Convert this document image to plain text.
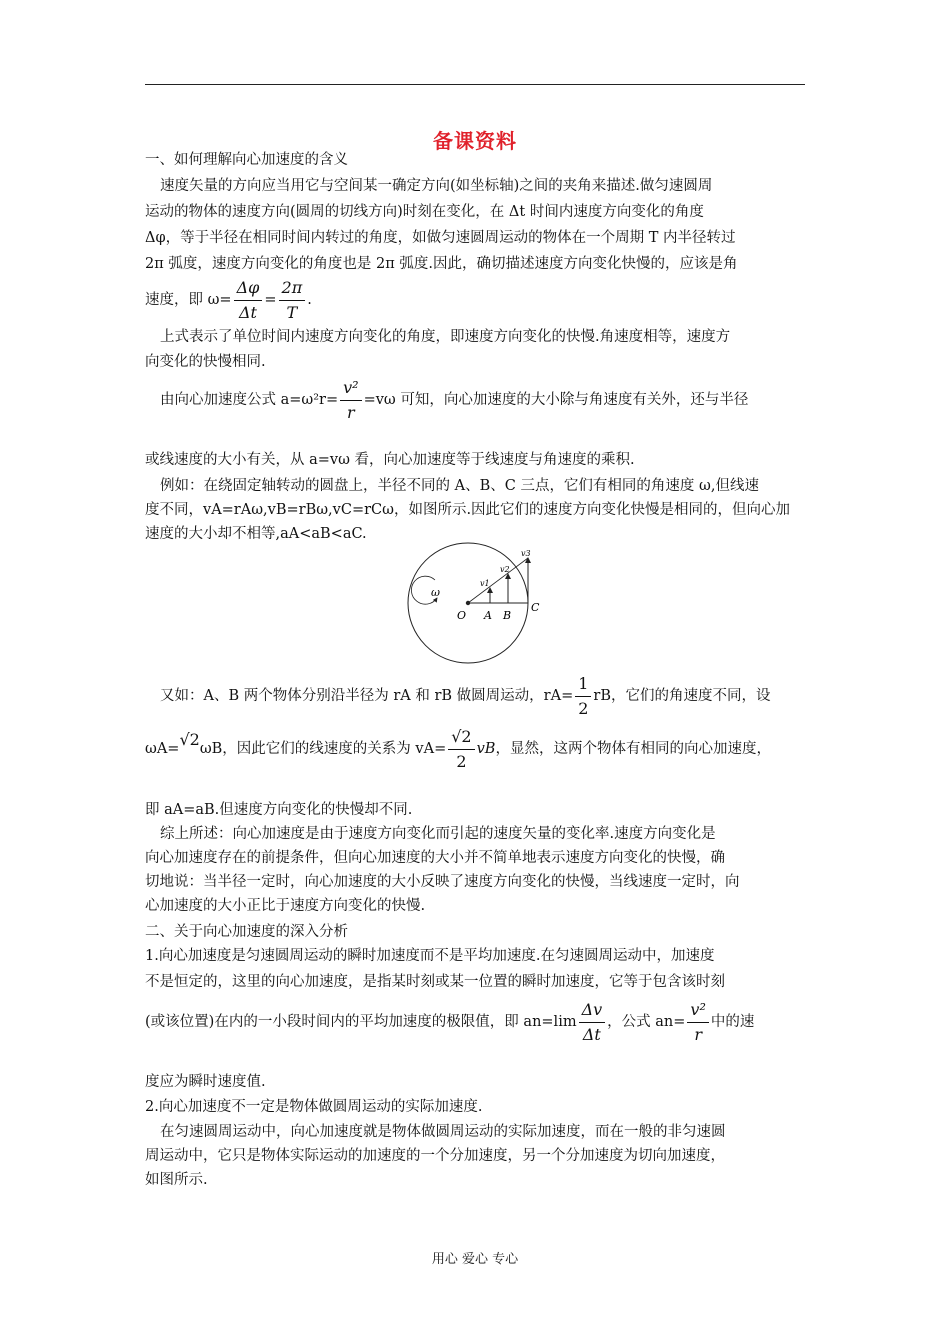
备课资料
一、如何理解向心加速度的含义
速度矢量的方向应当用它与空间某一确定方向(如坐标轴)之间的夹角来描述.做匀速圆周
运动的物体的速度方向(圆周的切线方向)时刻在变化，在 Δt 时间内速度方向变化的角度
Δφ，等于半径在相同时间内转过的角度，如做匀速圆周运动的物体在一个周期 T 内半径转过
2π 弧度，速度方向变化的角度也是 2π 弧度.因此，确切描述速度方向变化快慢的，应该是角
速度，即 $\omega= \frac{\Delta\varphi}{\Delta t} = \frac{2\pi}{T}$ .
上式表示了单位时间内速度方向变化的角度，即速度方向变化的快慢.角速度相等，速度方
向变化的快慢相同.
由向心加速度公式 $a=\omega^2r= \frac{\text{v²}}{r} =v\omega$ 可知，向心加速度的大小除与角速度有关外，还与半径
或线速度的大小有关，从 a=vω 看，向心加速度等于线速度与角速度的乘积.
例如：在绕固定轴转动的圆盘上，半径不同的 A、B、C 三点，它们有相同的角速度 ω,但线速
度不同，vA=rAω,vB=rBω,vC=rCω，如图所示.因此它们的速度方向变化快慢是相同的，但向心加
速度的大小却不相等,aA<aB<aC.
ω
O A B
C
v1
v2
v3
又如：A、B 两个物体分别沿半径为 rA 和 rB 做圆周运动，$rA= \frac{1}{2}$ rB，它们的角速度不同，设
ωA=√2ωB，因此它们的线速度的关系为 $vA= \frac{√2}{2}$ vB，显然，这两个物体有相同的向心加速度，
即 aA=aB.但速度方向变化的快慢却不同.
综上所述：向心加速度是由于速度方向变化而引起的速度矢量的变化率.速度方向变化是
向心加速度存在的前提条件，但向心加速度的大小并不简单地表示速度方向变化的快慢，确
切地说：当半径一定时，向心加速度的大小反映了速度方向变化的快慢，当线速度一定时，向
心加速度的大小正比于速度方向变化的快慢.
二、关于向心加速度的深入分析
1.向心加速度是匀速圆周运动的瞬时加速度而不是平均加速度.在匀速圆周运动中，加速度
不是恒定的，这里的向心加速度，是指某时刻或某一位置的瞬时加速度，它等于包含该时刻
(或该位置)在内的一小段时间内的平均加速度的极限值，即 $an=\lim \frac{\Delta v}{\Delta t}$ ，公式 $an= \frac{\text{v²}}{r}$ 中的速
度应为瞬时速度值.
2.向心加速度不一定是物体做圆周运动的实际加速度.
在匀速圆周运动中，向心加速度就是物体做圆周运动的实际加速度，而在一般的非匀速圆
周运动中，它只是物体实际运动的加速度的一个分加速度，另一个分加速度为切向加速度，
如图所示.
用心 爱心 专心
